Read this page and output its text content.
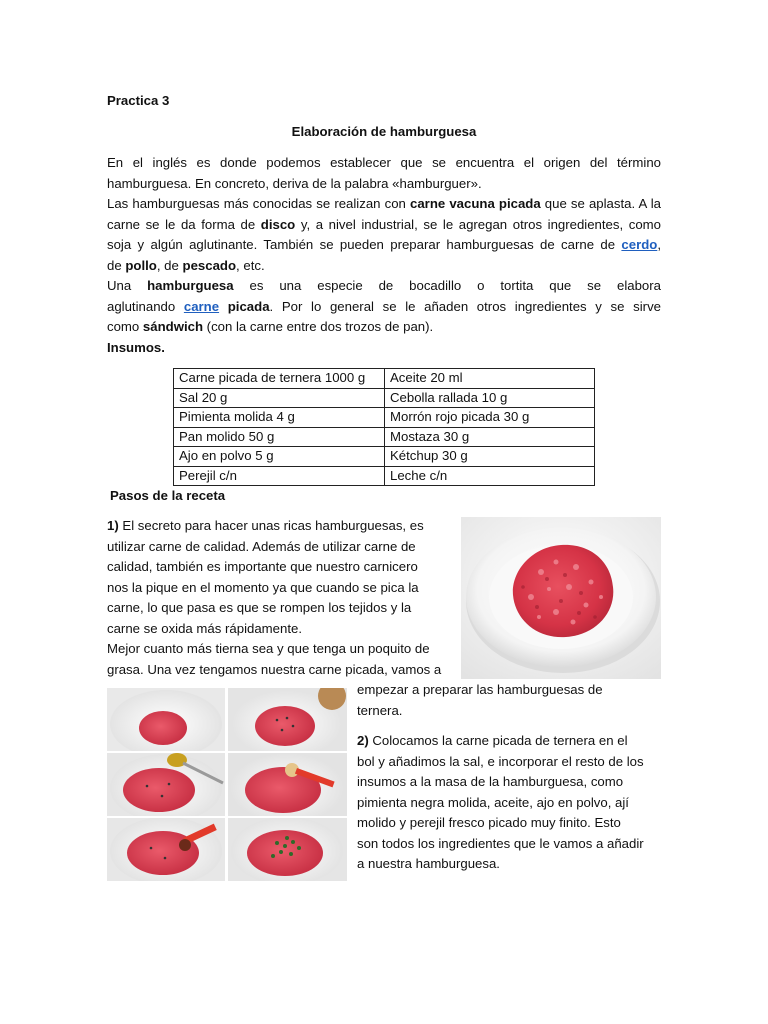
Practica 3
Elaboración de hamburguesa
En el inglés es donde podemos establecer que se encuentra el origen del término
hamburguesa. En concreto, deriva de la palabra «hamburguer».
Las hamburguesas más conocidas se realizan con carne vacuna picada que se aplasta. A la
carne se le da forma de disco y, a nivel industrial, se le agregan otros ingredientes, como
soja y algún aglutinante. También se pueden preparar hamburguesas de carne de cerdo,
de pollo, de pescado, etc.
Una hamburguesa es una especie de bocadillo o tortita que se elabora
aglutinando carne picada. Por lo general se le añaden otros ingredientes y se sirve
como sándwich (con la carne entre dos trozos de pan).
Insumos.
Carne picada de ternera 1000 g	Aceite 20 ml
Sal 20 g	Cebolla rallada 10 g
Pimienta molida 4 g	Morrón rojo picada 30 g
Pan molido 50 g	Mostaza 30 g
Ajo en polvo 5 g	Kétchup 30 g
Perejil c/n	Leche c/n
Pasos de la receta
1) El secreto para hacer unas ricas hamburguesas, es
utilizar carne de calidad. Además de utilizar carne de
calidad, también es importante que nuestro carnicero
nos la pique en el momento ya que cuando se pica la
carne, lo que pasa es que se rompen los tejidos y la
carne se oxida más rápidamente.
Mejor cuanto más tierna sea y que tenga un poquito de
grasa. Una vez tengamos nuestra carne picada, vamos a
empezar a preparar las hamburguesas de
ternera.
2) Colocamos la carne picada de ternera en el
bol y añadimos la sal, e incorporar el resto de los
insumos a la masa de la hamburguesa, como
pimienta negra molida, aceite, ajo en polvo, ají
molido y perejil fresco picado muy finito. Esto
son todos los ingredientes que le vamos a añadir
a nuestra hamburguesa.
